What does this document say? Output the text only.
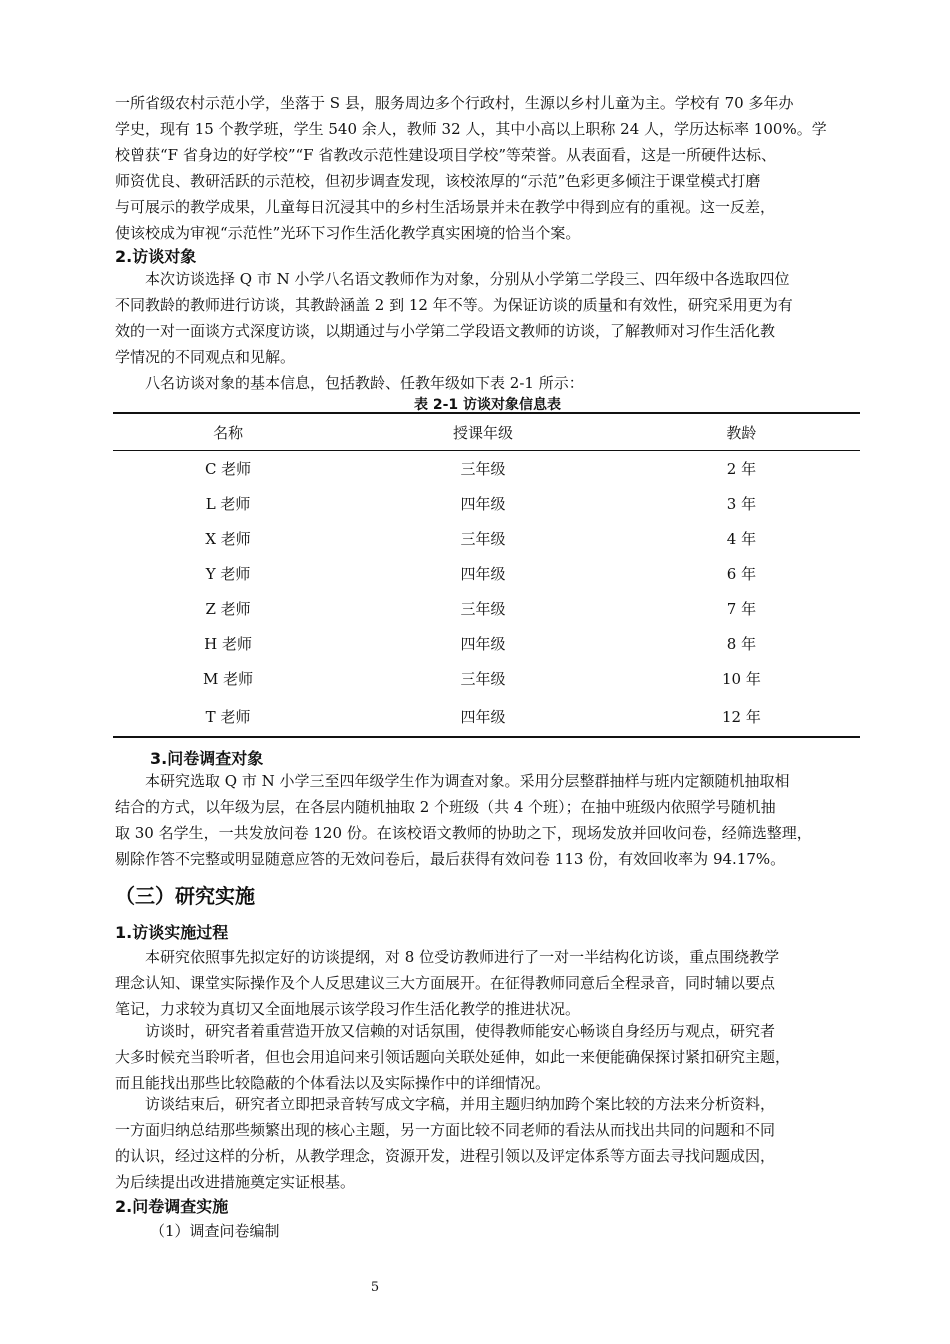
一所省级农村示范小学，坐落于 S 县，服务周边多个行政村，生源以乡村儿童为主。学校有 70 多年办
学史，现有 15 个教学班，学生 540 余人，教师 32 人，其中小高以上职称 24 人，学历达标率 100%。学
校曾获“F 省身边的好学校”“F 省教改示范性建设项目学校”等荣誉。从表面看，这是一所硬件达标、
师资优良、教研活跃的示范校，但初步调查发现，该校浓厚的“示范”色彩更多倾注于课堂模式打磨
与可展示的教学成果，儿童每日沉浸其中的乡村生活场景并未在教学中得到应有的重视。这一反差，
使该校成为审视“示范性”光环下习作生活化教学真实困境的恰当个案。
2.访谈对象
　　本次访谈选择 Q 市 N 小学八名语文教师作为对象，分别从小学第二学段三、四年级中各选取四位
不同教龄的教师进行访谈，其教龄涵盖 2 到 12 年不等。为保证访谈的质量和有效性，研究采用更为有
效的一对一面谈方式深度访谈，以期通过与小学第二学段语文教师的访谈，了解教师对习作生活化教
学情况的不同观点和见解。
　　八名访谈对象的基本信息，包括教龄、任教年级如下表 2-1 所示：
表 2-1 访谈对象信息表
名称	授课年级	教龄
C 老师	三年级	2 年
L 老师	四年级	3 年
X 老师	三年级	4 年
Y 老师	四年级	6 年
Z 老师	三年级	7 年
H 老师	四年级	8 年
M 老师	三年级	10 年
T 老师	四年级	12 年
3.问卷调查对象
　　本研究选取 Q 市 N 小学三至四年级学生作为调查对象。采用分层整群抽样与班内定额随机抽取相
结合的方式，以年级为层，在各层内随机抽取 2 个班级（共 4 个班）；在抽中班级内依照学号随机抽
取 30 名学生，一共发放问卷 120 份。在该校语文教师的协助之下，现场发放并回收问卷，经筛选整理，
剔除作答不完整或明显随意应答的无效问卷后，最后获得有效问卷 113 份，有效回收率为 94.17%。
（三）研究实施
1.访谈实施过程
　　本研究依照事先拟定好的访谈提纲，对 8 位受访教师进行了一对一半结构化访谈，重点围绕教学
理念认知、课堂实际操作及个人反思建议三大方面展开。在征得教师同意后全程录音，同时辅以要点
笔记，力求较为真切又全面地展示该学段习作生活化教学的推进状况。
　　访谈时，研究者着重营造开放又信赖的对话氛围，使得教师能安心畅谈自身经历与观点，研究者
大多时候充当聆听者，但也会用追问来引领话题向关联处延伸，如此一来便能确保探讨紧扣研究主题，
而且能找出那些比较隐蔽的个体看法以及实际操作中的详细情况。
　　访谈结束后，研究者立即把录音转写成文字稿，并用主题归纳加跨个案比较的方法来分析资料，
一方面归纳总结那些频繁出现的核心主题，另一方面比较不同老师的看法从而找出共同的问题和不同
的认识，经过这样的分析，从教学理念，资源开发，进程引领以及评定体系等方面去寻找问题成因，
为后续提出改进措施奠定实证根基。
2.问卷调查实施
（1）调查问卷编制
5
